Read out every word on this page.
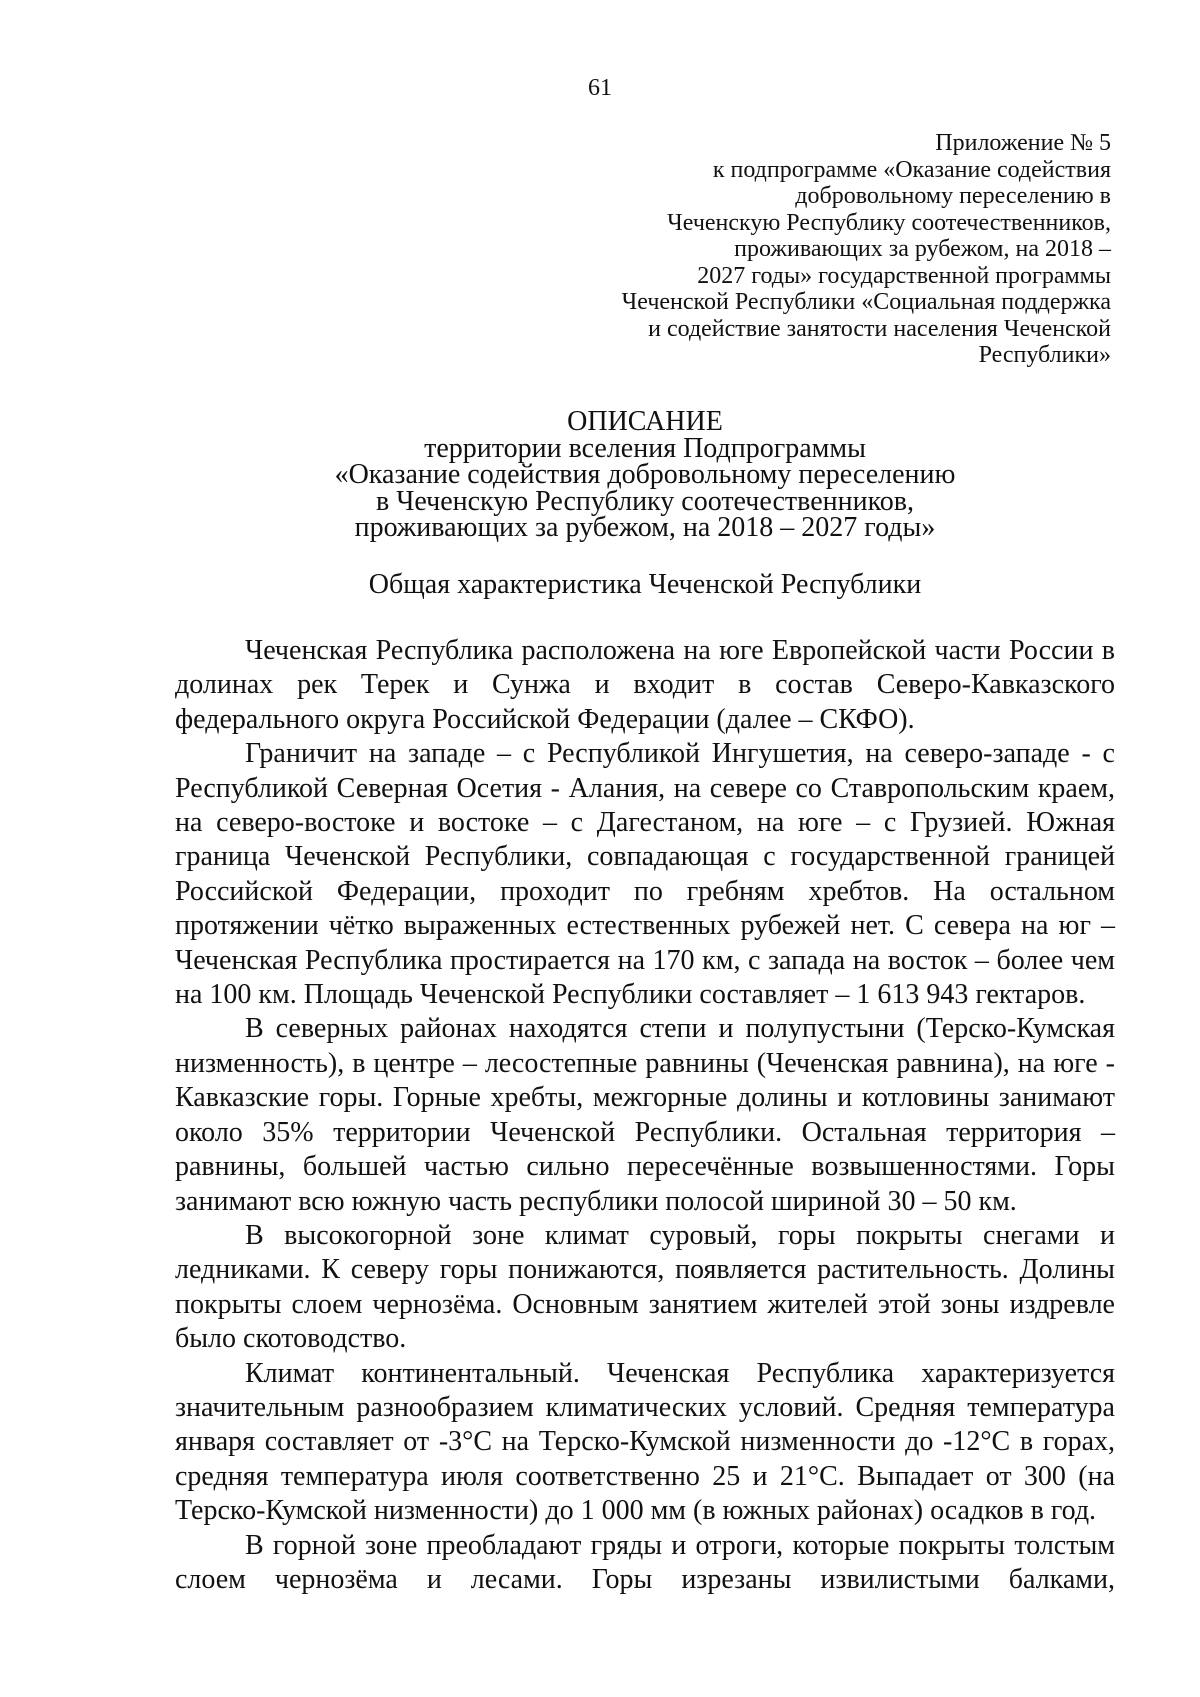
61
Приложение № 5
к подпрограмме «Оказание содействия
добровольному переселению в
Чеченскую Республику соотечественников,
проживающих за рубежом, на 2018 –
2027 годы» государственной программы
Чеченской Республики «Социальная поддержка
и содействие занятости населения Чеченской
Республики»
ОПИСАНИЕ
территории вселения Подпрограммы
«Оказание содействия добровольному переселению
в Чеченскую Республику соотечественников,
проживающих за рубежом, на 2018 – 2027 годы»
Общая характеристика Чеченской Республики

Чеченская Республика расположена на юге Европейской части России в долинах рек Терек и Сунжа и входит в состав Северо-Кавказского федерального округа Российской Федерации (далее – СКФО).

Граничит на западе – с Республикой Ингушетия, на северо-западе - с Республикой Северная Осетия - Алания, на севере со Ставропольским краем, на северо-востоке и востоке – с Дагестаном, на юге – с Грузией. Южная граница Чеченской Республики, совпадающая с государственной границей Российской Федерации, проходит по гребням хребтов. На остальном протяжении чётко выраженных естественных рубежей нет. С севера на юг – Чеченская Республика простирается на 170 км, с запада на восток – более чем на 100 км. Площадь Чеченской Республики составляет – 1 613 943 гектаров.

В северных районах находятся степи и полупустыни (Терско-Кумская низменность), в центре – лесостепные равнины (Чеченская равнина), на юге - Кавказские горы. Горные хребты, межгорные долины и котловины занимают около 35% территории Чеченской Республики. Остальная территория – равнины, большей частью сильно пересечённые возвышенностями. Горы занимают всю южную часть республики полосой шириной 30 – 50 км.

В высокогорной зоне климат суровый, горы покрыты снегами и ледниками. К северу горы понижаются, появляется растительность. Долины покрыты слоем чернозёма. Основным занятием жителей этой зоны издревле было скотоводство.

Климат континентальный. Чеченская Республика характеризуется значительным разнообразием климатических условий. Средняя температура января составляет от -3°С на Терско-Кумской низменности до -12°С в горах, средняя температура июля соответственно 25 и 21°С. Выпадает от 300 (на Терско-Кумской низменности) до 1 000 мм (в южных районах) осадков в год.

В горной зоне преобладают гряды и отроги, которые покрыты толстым слоем чернозёма и лесами. Горы изрезаны извилистыми балками,
